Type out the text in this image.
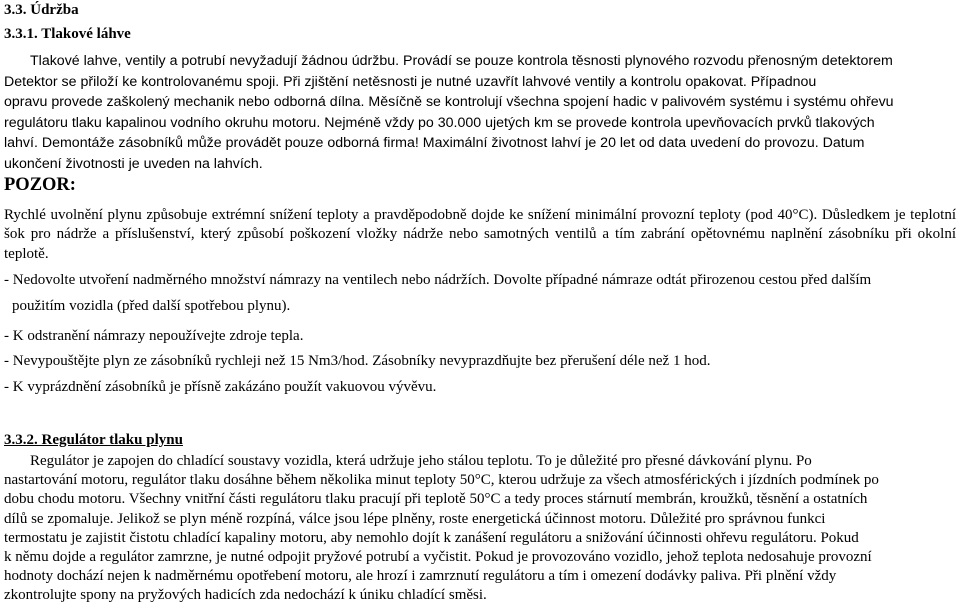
3.3. Údržba
3.3.1. Tlakové láhve
Tlakové lahve, ventily a potrubí nevyžadují žádnou údržbu. Provádí se pouze kontrola těsnosti plynového rozvodu přenosným detektorem
Detektor se přiloží ke kontrolovanému spoji. Při zjištění netěsnosti je nutné uzavřít lahvové ventily a kontrolu opakovat. Případnou
opravu provede zaškolený mechanik nebo odborná dílna. Měsíčně se kontrolují všechna spojení hadic v palivovém systému i systému ohřevu
regulátoru tlaku kapalinou vodního okruhu motoru. Nejméně vždy po 30.000 ujetých km se provede kontrola upevňovacích prvků tlakových
lahví. Demontáže zásobníků může provádět pouze odborná firma! Maximální životnost lahví je 20 let od data uvedení do provozu. Datum
ukončení životnosti je uveden na lahvích.
POZOR:
Rychlé uvolnění plynu způsobuje extrémní snížení teploty a pravděpodobně dojde ke snížení minimální provozní teploty (pod 40°C). Důsledkem je teplotní šok pro nádrže a příslušenství, který způsobí poškození vložky nádrže nebo samotných ventilů a tím zabrání opětovnému naplnění zásobníku při okolní teplotě.
- Nedovolte utvoření nadměrného množství námrazy na ventilech nebo nádržích. Dovolte případné námraze odtát přirozenou cestou před dalším
použitím vozidla (před další spotřebou plynu).
- K odstranění námrazy nepoužívejte zdroje tepla.
- Nevypouštějte plyn ze zásobníků rychleji než 15 Nm3/hod. Zásobníky nevyprazdňujte bez přerušení déle než 1 hod.
- K vyprázdnění zásobníků je přísně zakázáno použít vakuovou vývěvu.
3.3.2. Regulátor tlaku plynu
Regulátor je zapojen do chladící soustavy vozidla, která udržuje jeho stálou teplotu. To je důležité pro přesné dávkování plynu. Po
nastartování motoru, regulátor tlaku dosáhne během několika minut teploty 50°C, kterou udržuje za všech atmosférických i jízdních podmínek po
dobu chodu motoru. Všechny vnitřní části regulátoru tlaku pracují při teplotě 50°C a tedy proces stárnutí membrán, kroužků, těsnění a ostatních
dílů se zpomaluje. Jelikož se plyn méně rozpíná, válce jsou lépe plněny, roste energetická účinnost motoru. Důležité pro správnou funkci
termostatu je zajistit čistotu chladící kapaliny motoru, aby nemohlo dojít k zanášení regulátoru a snižování účinnosti ohřevu regulátoru. Pokud
k němu dojde a regulátor zamrzne, je nutné odpojit pryžové potrubí a vyčistit. Pokud je provozováno vozidlo, jehož teplota nedosahuje provozní
hodnoty dochází nejen k nadměrnému opotřebení motoru, ale hrozí i zamrznutí regulátoru a tím i omezení dodávky paliva. Při plnění vždy
zkontrolujte spony na pryžových hadicích zda nedochází k úniku chladící směsi.
